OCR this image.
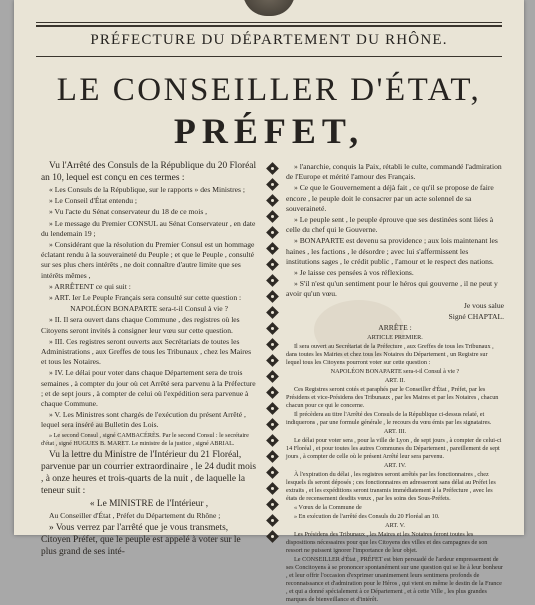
PRÉFECTURE DU DÉPARTEMENT DU RHÔNE.
LE CONSEILLER D'ÉTAT,
PRÉFET,

Vu l'Arrêté des Consuls de la République du 20 Floréal an 10, lequel est conçu en ces termes :

« Les Consuls de la République, sur le rapports » des Ministres ;

» Le Conseil d'État entendu ;

» Vu l'acte du Sénat conservateur du 18 de ce mois ,

» Le message du Premier CONSUL au Sénat Conservateur , en date du lendemain 19 ;

» Considérant que la résolution du Premier Consul est un hommage éclatant rendu à la souveraineté du Peuple ; et que le Peuple , consulté sur ses plus chers intérêts , ne doit connaître d'autre limite que ses intérêts mêmes ,

» ARRÊTENT ce qui suit :

» ART. Ier Le Peuple Français sera consulté sur cette question :

NAPOLÉON BONAPARTE sera-t-il Consul à vie ?

» II. Il sera ouvert dans chaque Commune , des registres où les Citoyens seront invités à consigner leur vœu sur cette question.

» III. Ces registres seront ouverts aux Secrétariats de toutes les Administrations , aux Greffes de tous les Tribunaux , chez les Maires et tous les Notaires.

» IV. Le délai pour voter dans chaque Département sera de trois semaines , à compter du jour où cet Arrêté sera parvenu à la Préfecture ; et de sept jours , à compter de celui où l'expédition sera parvenue à chaque Commune.

» V. Les Ministres sont chargés de l'exécution du présent Arrêté , lequel sera inséré au Bulletin des Lois.

» Le second Consul , signé CAMBACÉRÈS. Par le second Consul : le secrétaire d'état , signé HUGUES B. MARET. Le ministre de la justice , signé ABRIAL.

Vu la lettre du Ministre de l'Intérieur du 21 Floréal, parvenue par un courrier extraordinaire , le 24 dudit mois , à onze heures et trois-quarts de la nuit , de laquelle la teneur suit :

« Le MINISTRE de l'Intérieur ,

Au Conseiller d'État , Préfet du Département du Rhône ;

» Vous verrez par l'arrêté que je vous transmets, Citoyen Préfet, que le peuple est appelé à voter sur le plus grand de ses inté-

» l'anarchie, conquis la Paix, rétabli le culte, commandé l'admiration de l'Europe et mérité l'amour des Français.

» Ce que le Gouvernement a déjà fait , ce qu'il se propose de faire encore , le peuple doit le consacrer par un acte solennel de sa souveraineté.

» Le peuple sent , le peuple éprouve que ses destinées sont liées à celle du chef qui le Gouverne.

» BONAPARTE est devenu sa providence ; aux lois maintenant les haines , les factions , le désordre ; avec lui s'affermissent les institutions sages , le crédit public , l'amour et le respect des nations.

» Je laisse ces pensées à vos réflexions.

» S'il n'est qu'un sentiment pour le héros qui gouverne , il ne peut y avoir qu'un vœu.

Je vous salue

Signé CHAPTAL.

ARRÊTE :

ARTICLE PREMIER.

Il sera ouvert au Secrétariat de la Préfecture , aux Greffes de tous les Tribunaux , dans toutes les Mairies et chez tous les Notaires du Département , un Registre sur lequel tous les Citoyens pourront voter sur cette question :

NAPOLÉON BONAPARTE sera-t-il Consul à vie ?

ART. II.

Ces Registres seront cotés et paraphés par le Conseiller d'État , Préfet, par les Présidens et vice-Présidens des Tribunaux , par les Maires et par les Notaires , chacun chacun pour ce qui le concerne.

Il précèdera au titre l'Arrêté des Consuls de la République ci-dessus relaté, et indiquerons , par une formule générale , le recours du vœu émis par les signataires.

ART. III.

Le délai pour voter sera , pour la ville de Lyon , de sept jours , à compter de celui-ci 14 Floréal , et pour toutes les autres Communes du Département , pareillement de sept jours , à compter de celle où le présent Arrêté leur sera parvenu.

ART. IV.

À l'expiration du délai , les registres seront arrêtés par les fonctionnaires , chez lesquels ils seront déposés ; ces fonctionnaires en adresseront sans délai au Préfet les extraits , et les expéditions seront transmis immédiatement à la Préfecture , avec les états de recensement desdits vœux , par les soins des Sous-Préfets.

« Vœux de la Commune de

» En exécution de l'arrêté des Consuls du 20 Floréal an 10.

ART. V.

Les Présidens des Tribunaux , les Maires et les Notaires feront toutes les dispositions nécessaires pour que les Citoyens des villes et des campagnes de son ressort ne puissent ignorer l'importance de leur objet.

Le CONSEILLER d'État , PRÉFET est bien persuadé de l'ardeur empressement de ses Concitoyens à se prononcer spontanément sur une question qui se lie à leur bonheur , et leur offrir l'occasion d'exprimer unanimement leurs sentimens profonds de reconnaissance et d'admiration pour le Héros , qui vient en même le destin de la France , et qui a donné spécialement à ce Département , et à cette Ville , les plus grandes marques de bienveillance et d'intérêt.
